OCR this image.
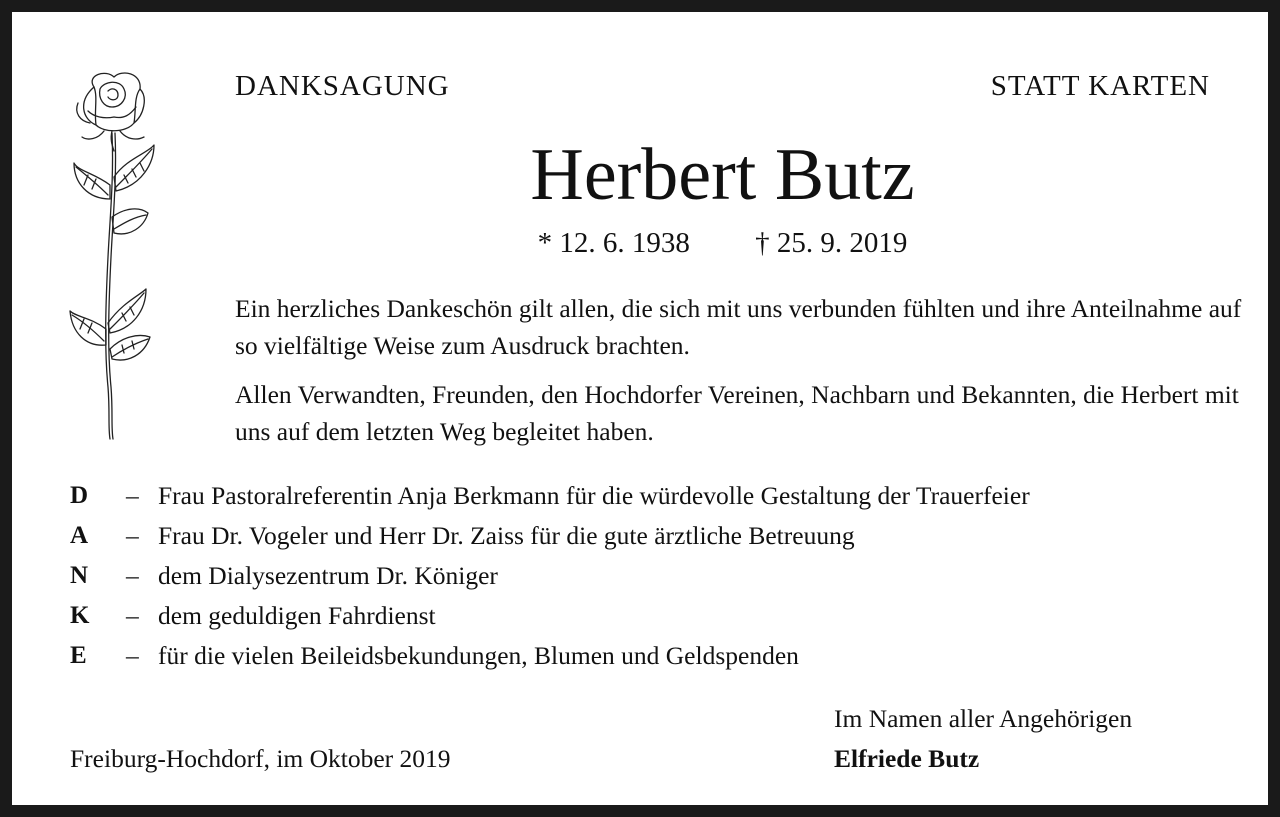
DANKSAGUNG	STATT KARTEN
Herbert Butz
* 12. 6. 1938 † 25. 9. 2019

Ein herzliches Dankeschön gilt allen, die sich mit uns verbunden fühlten und ihre Anteilnahme auf so vielfältige Weise zum Ausdruck brachten.

Allen Verwandten, Freunden, den Hochdorfer Vereinen, Nachbarn und Bekannten, die Herbert mit uns auf dem letzten Weg begleitet haben.

D	– Frau Pastoralreferentin Anja Berkmann für die würdevolle Gestaltung der Trauerfeier
A	– Frau Dr. Vogeler und Herr Dr. Zaiss für die gute ärztliche Betreuung
N	– dem Dialysezentrum Dr. Königer
K	– dem geduldigen Fahrdienst
E	– für die vielen Beileidsbekundungen, Blumen und Geldspenden
Im Namen aller Angehörigen
Elfriede Butz
Freiburg-Hochdorf, im Oktober 2019
